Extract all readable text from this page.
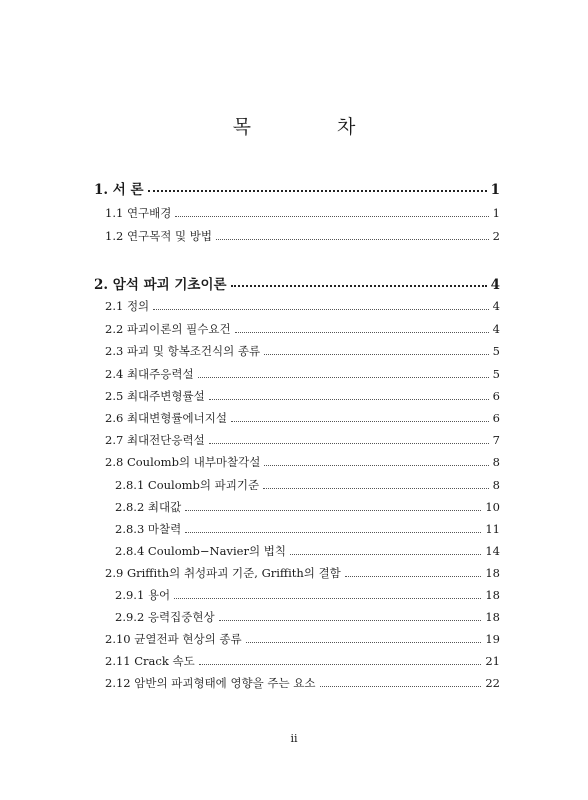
목 차
1. 서 론	1
1.1 연구배경	1
1.2 연구목적 및 방법	2
2. 암석 파괴 기초이론	4
2.1 정의	4
2.2 파괴이론의 필수요건	4
2.3 파괴 및 항복조건식의 종류	5
2.4 최대주응력설	5
2.5 최대주변형률설	6
2.6 최대변형률에너지설	6
2.7 최대전단응력설	7
2.8 Coulomb의 내부마찰각설	8
2.8.1 Coulomb의 파괴기준	8
2.8.2 최대값	10
2.8.3 마찰력	11
2.8.4 Coulomb−Navier의 법칙	14
2.9 Griffith의 취성파괴 기준, Griffith의 결함	18
2.9.1 용어	18
2.9.2 응력집중현상	18
2.10 균열전파 현상의 종류	19
2.11 Crack 속도	21
2.12 암반의 파괴형태에 영향을 주는 요소	22
ii
